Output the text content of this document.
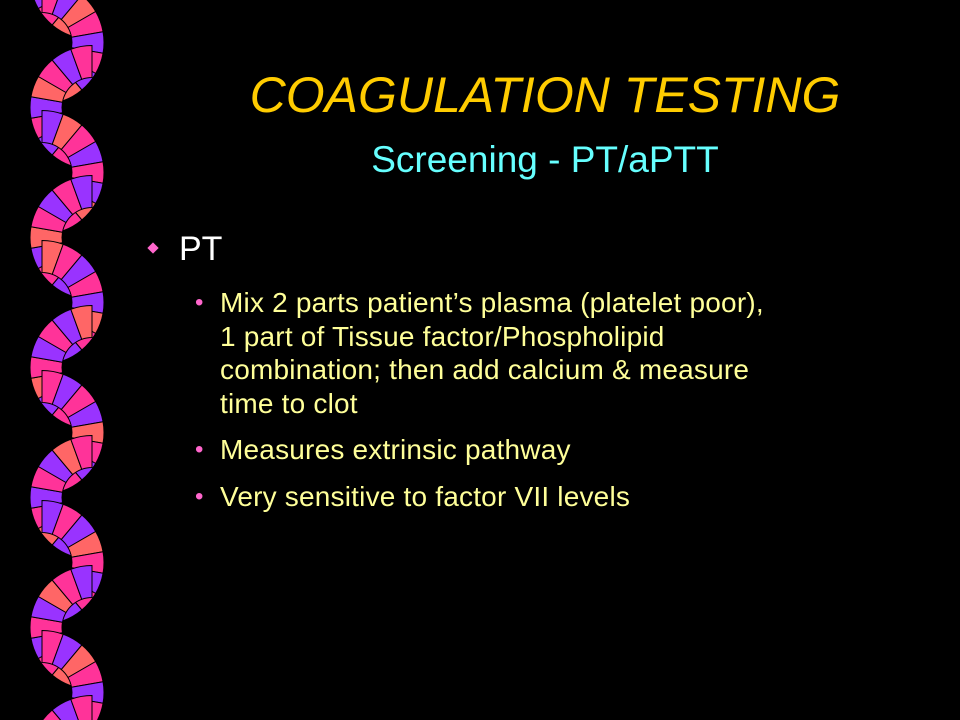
COAGULATION TESTING
Screening - PT/aPTT
PT
• Mix 2 parts patient’s plasma (platelet poor),
1 part of Tissue factor/Phospholipid
combination; then add calcium & measure
time to clot
• Measures extrinsic pathway
• Very sensitive to factor VII levels
